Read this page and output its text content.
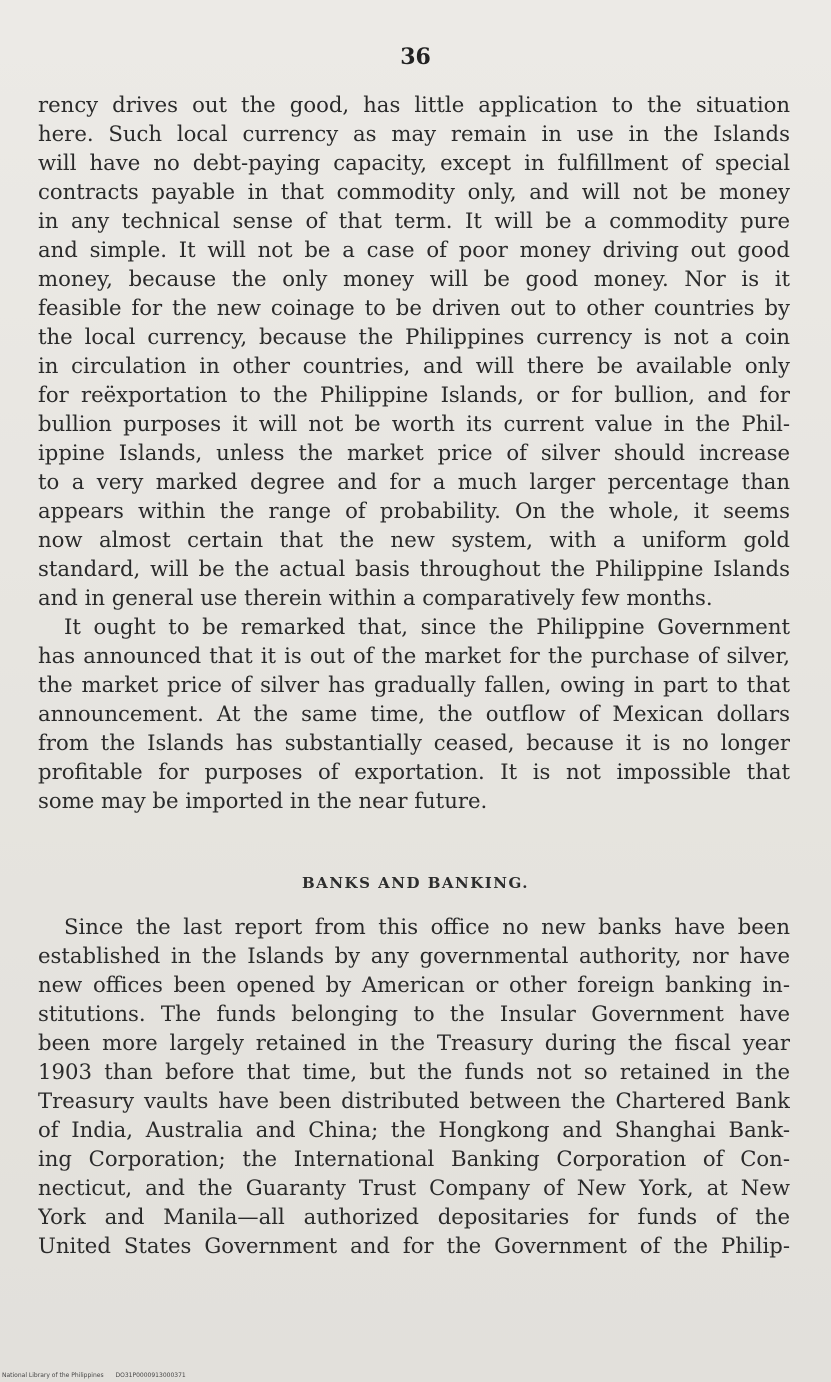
36
rency drives out the good, has little application to the situation
here. Such local currency as may remain in use in the Islands
will have no debt-paying capacity, except in fulfillment of special
contracts payable in that commodity only, and will not be money
in any technical sense of that term. It will be a commodity pure
and simple. It will not be a case of poor money driving out good
money, because the only money will be good money. Nor is it
feasible for the new coinage to be driven out to other countries by
the local currency, because the Philippines currency is not a coin
in circulation in other countries, and will there be available only
for reëxportation to the Philippine Islands, or for bullion, and for
bullion purposes it will not be worth its current value in the Phil-
ippine Islands, unless the market price of silver should increase
to a very marked degree and for a much larger percentage than
appears within the range of probability. On the whole, it seems
now almost certain that the new system, with a uniform gold
standard, will be the actual basis throughout the Philippine Islands
and in general use therein within a comparatively few months.
It ought to be remarked that, since the Philippine Government
has announced that it is out of the market for the purchase of silver,
the market price of silver has gradually fallen, owing in part to that
announcement. At the same time, the outflow of Mexican dollars
from the Islands has substantially ceased, because it is no longer
profitable for purposes of exportation. It is not impossible that
some may be imported in the near future.
BANKS AND BANKING.
Since the last report from this office no new banks have been
established in the Islands by any governmental authority, nor have
new offices been opened by American or other foreign banking in-
stitutions. The funds belonging to the Insular Government have
been more largely retained in the Treasury during the fiscal year
1903 than before that time, but the funds not so retained in the
Treasury vaults have been distributed between the Chartered Bank
of India, Australia and China; the Hongkong and Shanghai Bank-
ing Corporation; the International Banking Corporation of Con-
necticut, and the Guaranty Trust Company of New York, at New
York and Manila—all authorized depositaries for funds of the
United States Government and for the Government of the Philip-
National Library of the Philippines DO31P0000913000371
